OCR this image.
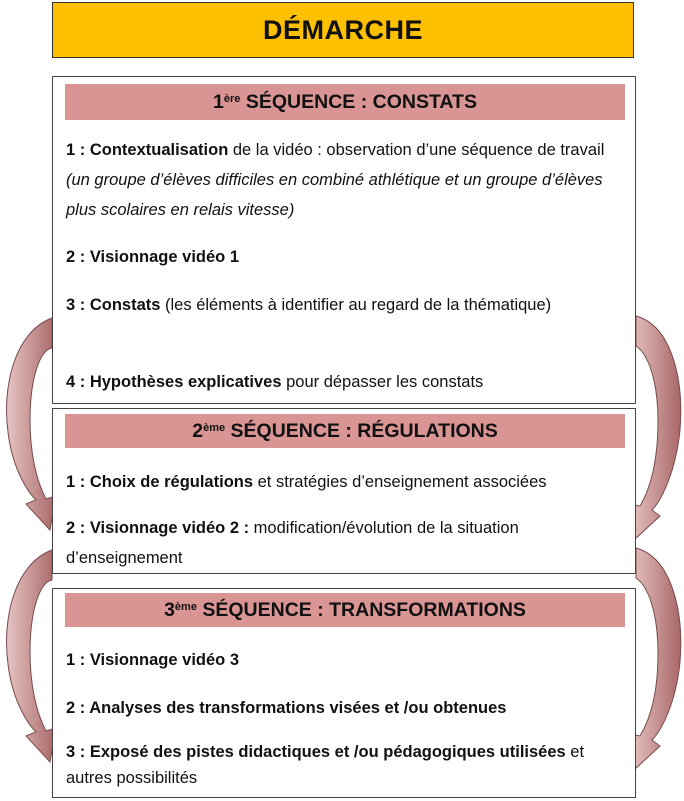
DÉMARCHE
1ère
SÉQUENCE : CONSTATS
1 : Contextualisation de la vidéo : observation d’une séquence de travail (un groupe d’élèves difficiles en combiné athlétique et un groupe d’élèves plus scolaires en relais vitesse)
2 : Visionnage vidéo 1
3 : Constats (les éléments à identifier au regard de la thématique)
4 : Hypothèses explicatives pour dépasser les constats
2ème
SÉQUENCE : RÉGULATIONS
1 : Choix de régulations et stratégies d’enseignement associées
2 : Visionnage vidéo 2 : modification/évolution de la situation d’enseignement
3ème
SÉQUENCE : TRANSFORMATIONS
1 : Visionnage vidéo 3
2 : Analyses des transformations visées et /ou obtenues
3 : Exposé des pistes didactiques et /ou pédagogiques utilisées et autres possibilités
